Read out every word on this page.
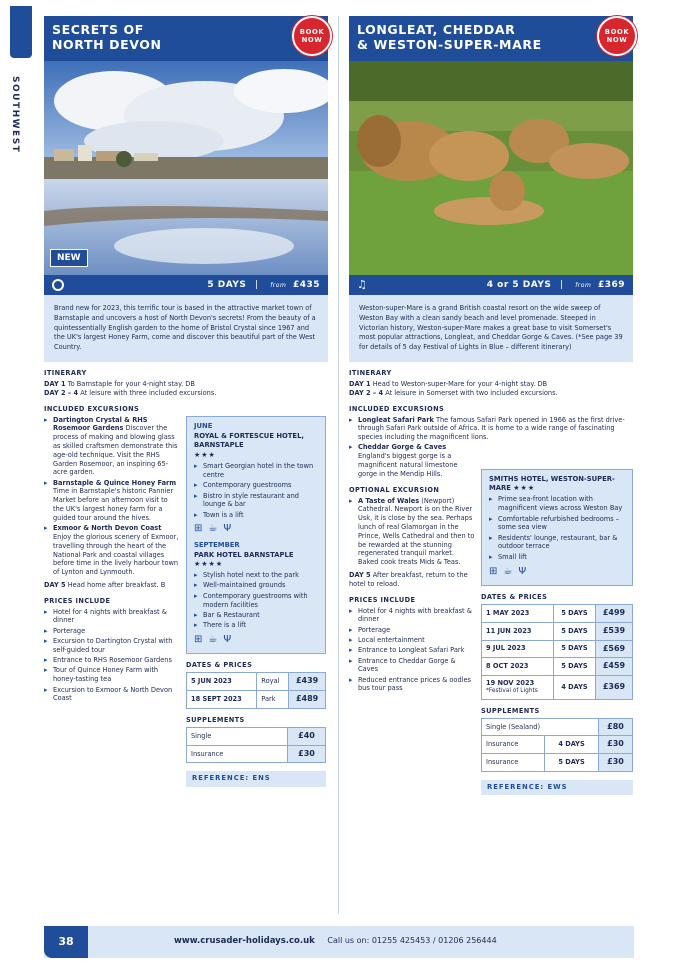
SOUTHWEST
SECRETS OF
NORTH DEVON
BOOK
NOW
NEW
5 DAYS | from £435
Brand new for 2023, this terrific tour is based in the attractive market town of Barnstaple and uncovers a host of North Devon's secrets! From the beauty of a quintessentially English garden to the home of Bristol Crystal since 1967 and the UK's largest Honey Farm, come and discover this beautiful part of the West Country.
ITINERARY
DAY 1 To Barnstaple for your 4-night stay. DB
DAY 2 – 4 At leisure with three included excursions.
INCLUDED EXCURSIONS
▸ Dartington Crystal & RHS Rosemoor Gardens Discover the process of making and blowing glass as skilled craftsmen demonstrate this age-old technique. Visit the RHS Garden Rosemoor, an inspiring 65-acre garden.
▸ Barnstaple & Quince Honey Farm Time in Barnstaple's historic Pannier Market before an afternoon visit to the UK's largest honey farm for a guided tour around the hives.
▸ Exmoor & North Devon Coast Enjoy the glorious scenery of Exmoor, travelling through the heart of the National Park and coastal villages before time in the lively harbour town of Lynton and Lynmouth.
DAY 5 Head home after breakfast. B
PRICES INCLUDE
▸ Hotel for 4 nights with breakfast & dinner
▸ Porterage
▸ Excursion to Dartington Crystal with self-guided tour
▸ Entrance to RHS Rosemoor Gardens
▸ Tour of Quince Honey Farm with honey-tasting tea
▸ Excursion to Exmoor & North Devon Coast
JUNE
ROYAL & FORTESCUE HOTEL, BARNSTAPLE
★★★
▸ Smart Georgian hotel in the town centre
▸ Contemporary guestrooms
▸ Bistro in style restaurant and lounge & bar
▸ Town is a lift
⊞ ☕ Ψ
SEPTEMBER
PARK HOTEL BARNSTAPLE ★★★★
▸ Stylish hotel next to the park
▸ Well-maintained grounds
▸ Contemporary guestrooms with modern facilities
▸ Bar & Restaurant
▸ There is a lift
⊞ ☕ Ψ
DATES & PRICES
5 JUN 2023	Royal	£439
18 SEPT 2023	Park	£489
SUPPLEMENTS
Single	£40
Insurance	£30
REFERENCE: ENS
LONGLEAT, CHEDDAR
& WESTON-SUPER-MARE
BOOK
NOW
♫	4 or 5 DAYS | from £369
Weston-super-Mare is a grand British coastal resort on the wide sweep of Weston Bay with a clean sandy beach and level promenade. Steeped in Victorian history, Weston-super-Mare makes a great base to visit Somerset's most popular attractions, Longleat, and Cheddar Gorge & Caves. (*See page 39 for details of 5 day Festival of Lights in Blue – different itinerary)
ITINERARY
DAY 1 Head to Weston-super-Mare for your 4-night stay. DB
DAY 2 – 4 At leisure in Somerset with two included excursions.
INCLUDED EXCURSIONS
▸ Longleat Safari Park The famous Safari Park opened in 1966 as the first drive-through Safari Park outside of Africa. It is home to a wide range of fascinating species including the magnificent lions.
▸ Cheddar Gorge & Caves England's biggest gorge is a magnificent natural limestone gorge in the Mendip Hills.
OPTIONAL EXCURSION
▸ A Taste of Wales (Newport) Cathedral. Newport is on the River Usk, it is close by the sea. Perhaps lunch of real Glamorgan in the Prince, Wells Cathedral and then to be rewarded at the stunning regenerated tranquil market. Baked cook treats Mids & Teas.
DAY 5 After breakfast, return to the hotel to reload.
PRICES INCLUDE
▸ Hotel for 4 nights with breakfast & dinner
▸ Porterage
▸ Local entertainment
▸ Entrance to Longleat Safari Park
▸ Entrance to Cheddar Gorge & Caves
▸ Reduced entrance prices & oodles bus tour pass
SMITHS HOTEL, WESTON-SUPER-MARE ★★★
▸ Prime sea-front location with magnificent views across Weston Bay
▸ Comfortable refurbished bedrooms – some sea view
▸ Residents' lounge, restaurant, bar & outdoor terrace
▸ Small lift
⊞ ☕ Ψ
DATES & PRICES
1 MAY 2023	5 DAYS	£499
11 JUN 2023	5 DAYS	£539
9 JUL 2023	5 DAYS	£569
8 OCT 2023	5 DAYS	£459

19 NOV 2023
*Festival of Lights	4 DAYS	£369
SUPPLEMENTS
Single (Sealand)		£80
Insurance	4 DAYS	£30
Insurance	5 DAYS	£30
REFERENCE: EWS
38	www.crusader-holidays.co.uk Call us on: 01255 425453 / 01206 256444
